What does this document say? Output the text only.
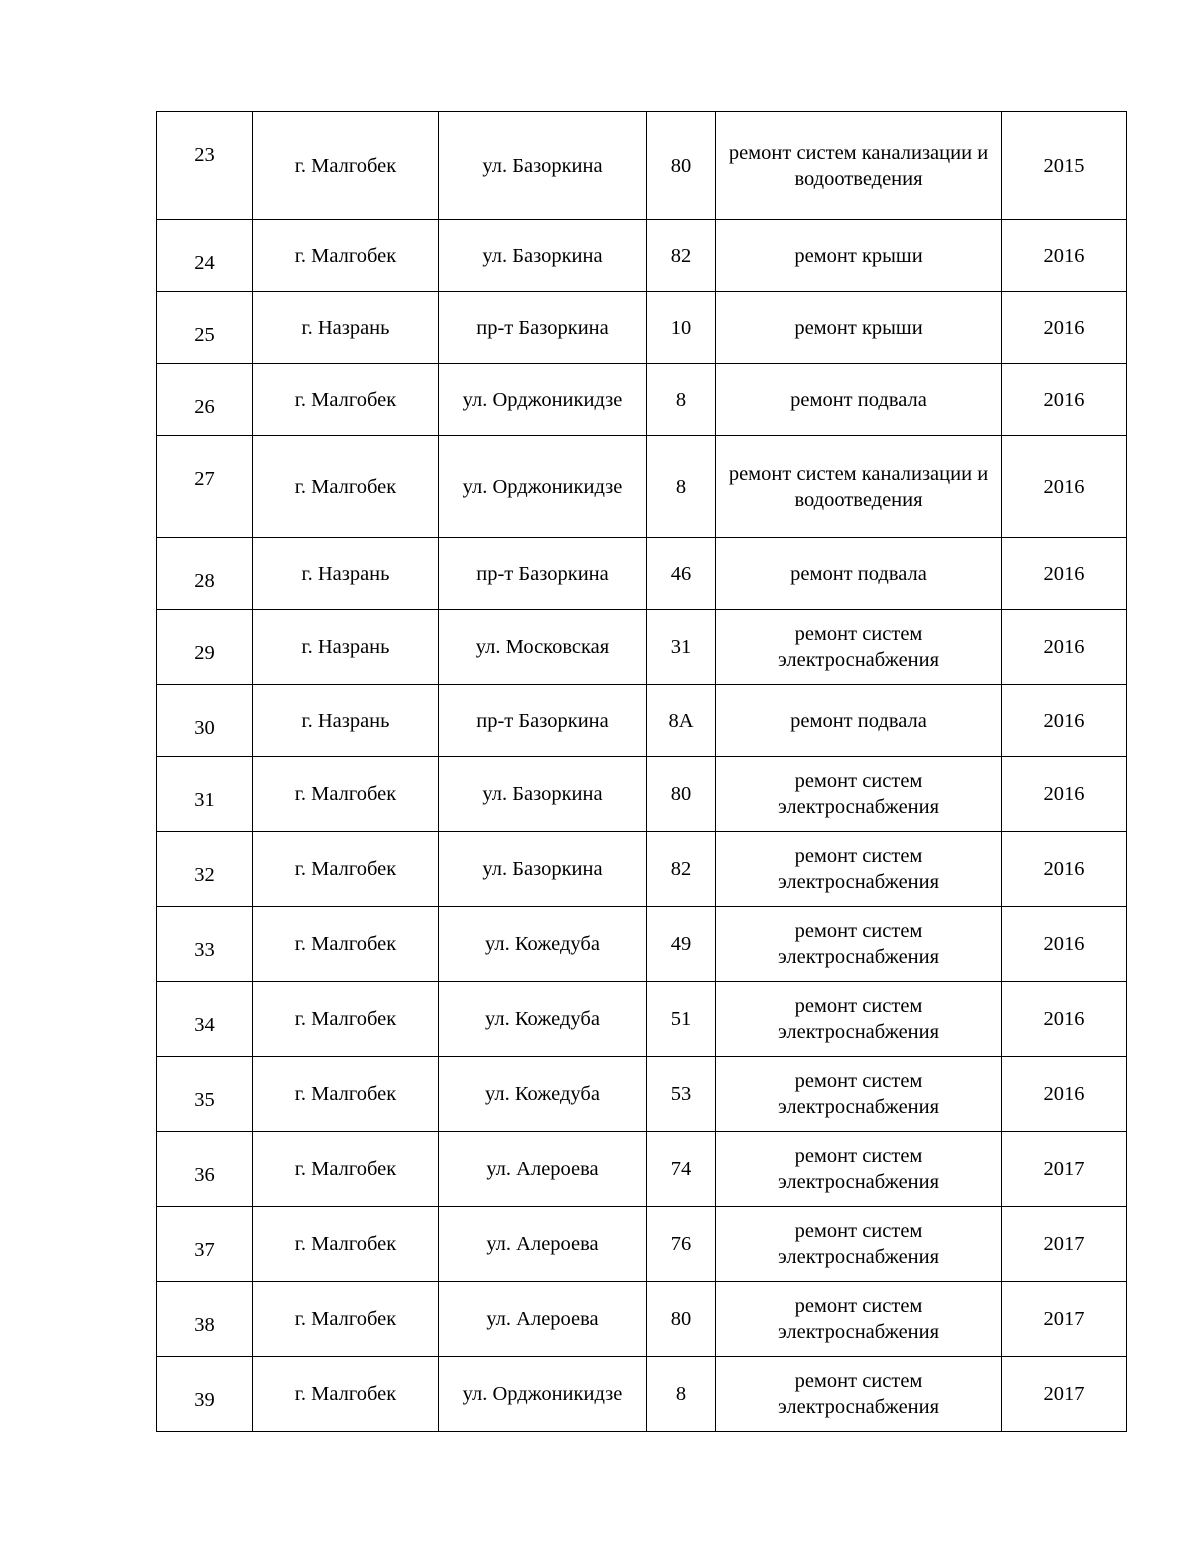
23	г. Малгобек	ул. Базоркина	80	ремонт систем канализации и водоотведения	2015
24	г. Малгобек	ул. Базоркина	82	ремонт крыши	2016
25	г. Назрань	пр-т Базоркина	10	ремонт крыши	2016
26	г. Малгобек	ул. Орджоникидзе	8	ремонт подвала	2016
27	г. Малгобек	ул. Орджоникидзе	8	ремонт систем канализации и водоотведения	2016
28	г. Назрань	пр-т Базоркина	46	ремонт подвала	2016
29	г. Назрань	ул. Московская	31	ремонт систем электроснабжения	2016
30	г. Назрань	пр-т Базоркина	8А	ремонт подвала	2016
31	г. Малгобек	ул. Базоркина	80	ремонт систем электроснабжения	2016
32	г. Малгобек	ул. Базоркина	82	ремонт систем электроснабжения	2016
33	г. Малгобек	ул. Кожедуба	49	ремонт систем электроснабжения	2016
34	г. Малгобек	ул. Кожедуба	51	ремонт систем электроснабжения	2016
35	г. Малгобек	ул. Кожедуба	53	ремонт систем электроснабжения	2016
36	г. Малгобек	ул. Алероева	74	ремонт систем электроснабжения	2017
37	г. Малгобек	ул. Алероева	76	ремонт систем электроснабжения	2017
38	г. Малгобек	ул. Алероева	80	ремонт систем электроснабжения	2017
39	г. Малгобек	ул. Орджоникидзе	8	ремонт систем электроснабжения	2017
